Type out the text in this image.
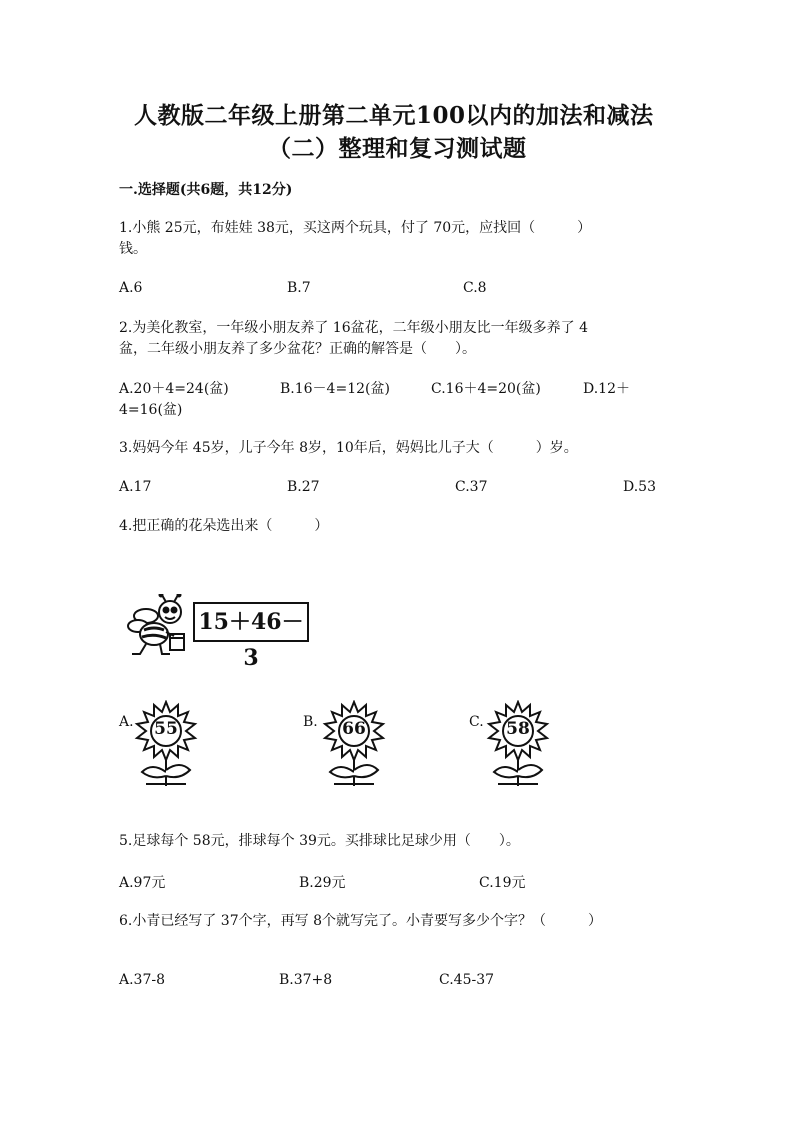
人教版二年级上册第二单元100以内的加法和减法
（二）整理和复习测试题
一.选择题(共6题，共12分)
1.小熊 25元，布娃娃 38元，买这两个玩具，付了 70元，应找回（　　　）
钱。
A.6	B.7	C.8
2.为美化教室，一年级小朋友养了 16盆花，二年级小朋友比一年级多养了 4
盆，二年级小朋友养了多少盆花？正确的解答是（　　）。
A.20＋4=24(盆)	B.16－4=12(盆)	C.16＋4=20(盆)	D.12＋
4=16(盆)
3.妈妈今年 45岁，儿子今年 8岁，10年后，妈妈比儿子大（　　　）岁。
A.17	B.27	C.37	D.53
4.把正确的花朵选出来（　　　）
15＋46－3
A. 55	B. 66	C. 58
5.足球每个 58元，排球每个 39元。买排球比足球少用（　　）。
A.97元	B.29元	C.19元
6.小青已经写了 37个字，再写 8个就写完了。小青要写多少个字？（　　　）
A.37-8	B.37+8	C.45-37
